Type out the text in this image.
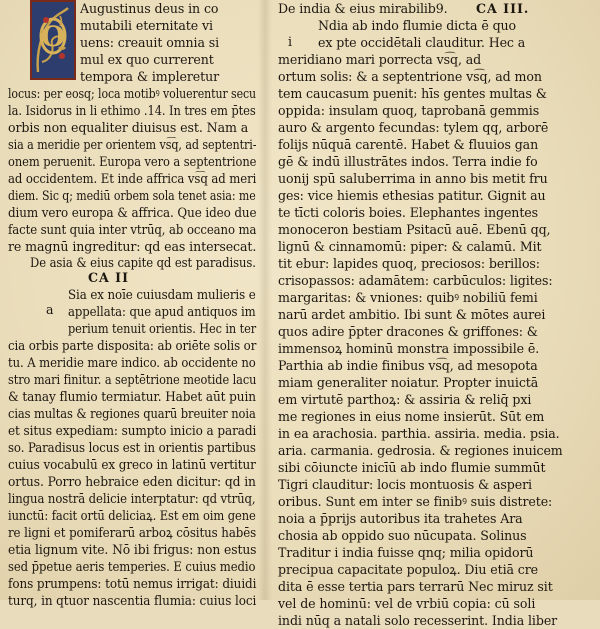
O
Augustinus deus in co
mutabili eternitate vi
uens: creauit omnia si
mul ex quo currerent
tempora & impleretur
locus: per eosq; loca motibꝰ voluerentur secu
la. Isidorus in li ethimo .14. In tres em p̄tes
orbis non equaliter diuisus est. Nam a
sia a meridie per orientem vs͡q, ad septentri-
onem peruenit. Europa vero a septentrione
ad occidentem. Et inde affrica vs͡q ad meri
diem. Sic q; mediū orbem sola tenet asia: me
dium vero europa & affrica. Que ideo due
facte sunt quia inter vtrūq, ab occeano ma
re magnū ingreditur: qd eas intersecat.
De asia & eius capite qd est paradisus.
CA II
a
Sia ex noīe cuiusdam mulieris e
appellata: que apud antiquos im
perium tenuit orientis. Hec in ter
cia orbis parte disposita: ab oriēte solis or
tu. A meridie mare indico. ab occidente no
stro mari finitur. a septētrione meotide lacu
& tanay flumio termiatur. Habet aūt puin
cias multas & regiones quarū breuiter noia
et situs expediam: sumpto inicio a paradi
so. Paradisus locus est in orientis partibus
cuius vocabulū ex greco in latinū vertitur
ortus. Porro hebraice eden dicitur: qd in
lingua nostrā delicie interptatur: qd vtrūq,
iunctū: facit ortū deliciaꝝ. Est em oim gene
re ligni et pomiferarū arboꝝ cōsitus habēs
etia lignum vite. Nō ibi frigus: non estus
sed p̄petue aeris temperies. E cuius medio
fons prumpens: totū nemus irrigat: diuidi
turq, in qtuor nascentia flumia: cuius loci
De india & eius mirabilib9. CA III.
i
Ndia ab indo flumie dicta ē quo
ex pte occidētali clauditur. Hec a
meridiano mari porrecta vs͡q, ad
ortum solis: & a septentrione vs͡q, ad mon
tem caucasum puenit: hīs gentes multas &
oppida: insulam quoq, taprobanā gemmis
auro & argento fecundas: tylem qq, arborē
folijs nūquā carentē. Habet & fluuios gan
gē & indū illustrātes indos. Terra indie fo
uonij spū saluberrima in anno bis metit fru
ges: vice hiemis ethesias patitur. Gignit au
te tīcti coloris boies. Elephantes ingentes
monoceron bestiam Psitacū auē. Ebenū qq,
lignū & cinnamomū: piper: & calamū. Mit
tit ebur: lapides quoq, preciosos: berillos:
crisopassos: adamātem: carbūculos: ligites:
margaritas: & vniones: quibꝰ nobiliū femi
narū ardet ambitio. Ibi sunt & mōtes aurei
quos adire p̄pter dracones & griffones: &
immensoꝝ hominū monstra impossibile ē.
Parthia ab indie finibus vs͡q, ad mesopota
miam generaliter noiatur. Propter inuictā
em virtutē parthoꝝ: & assiria & reliq̄ pxi
me regiones in eius nome insierūt. Sūt em
in ea arachosia. parthia. assiria. media. psia.
aria. carmania. gedrosia. & regiones inuicem
sibi cōiuncte inicīū ab indo flumie summūt
Tigri clauditur: locis montuosis & asperi
oribus. Sunt em inter se finibꝰ suis distrete:
noia a p̄prijs autoribus ita trahetes Ara
chosia ab oppido suo nūcupata. Solinus
Traditur i india fuisse qnq; milia opidorū
precipua capacitate populoꝝ. Diu etiā cre
dita ē esse tertia pars terrarū Nec miruz sit
vel de hominū: vel de vrbiū copia: cū soli
indi nūq a natali solo recesserint. India liber
